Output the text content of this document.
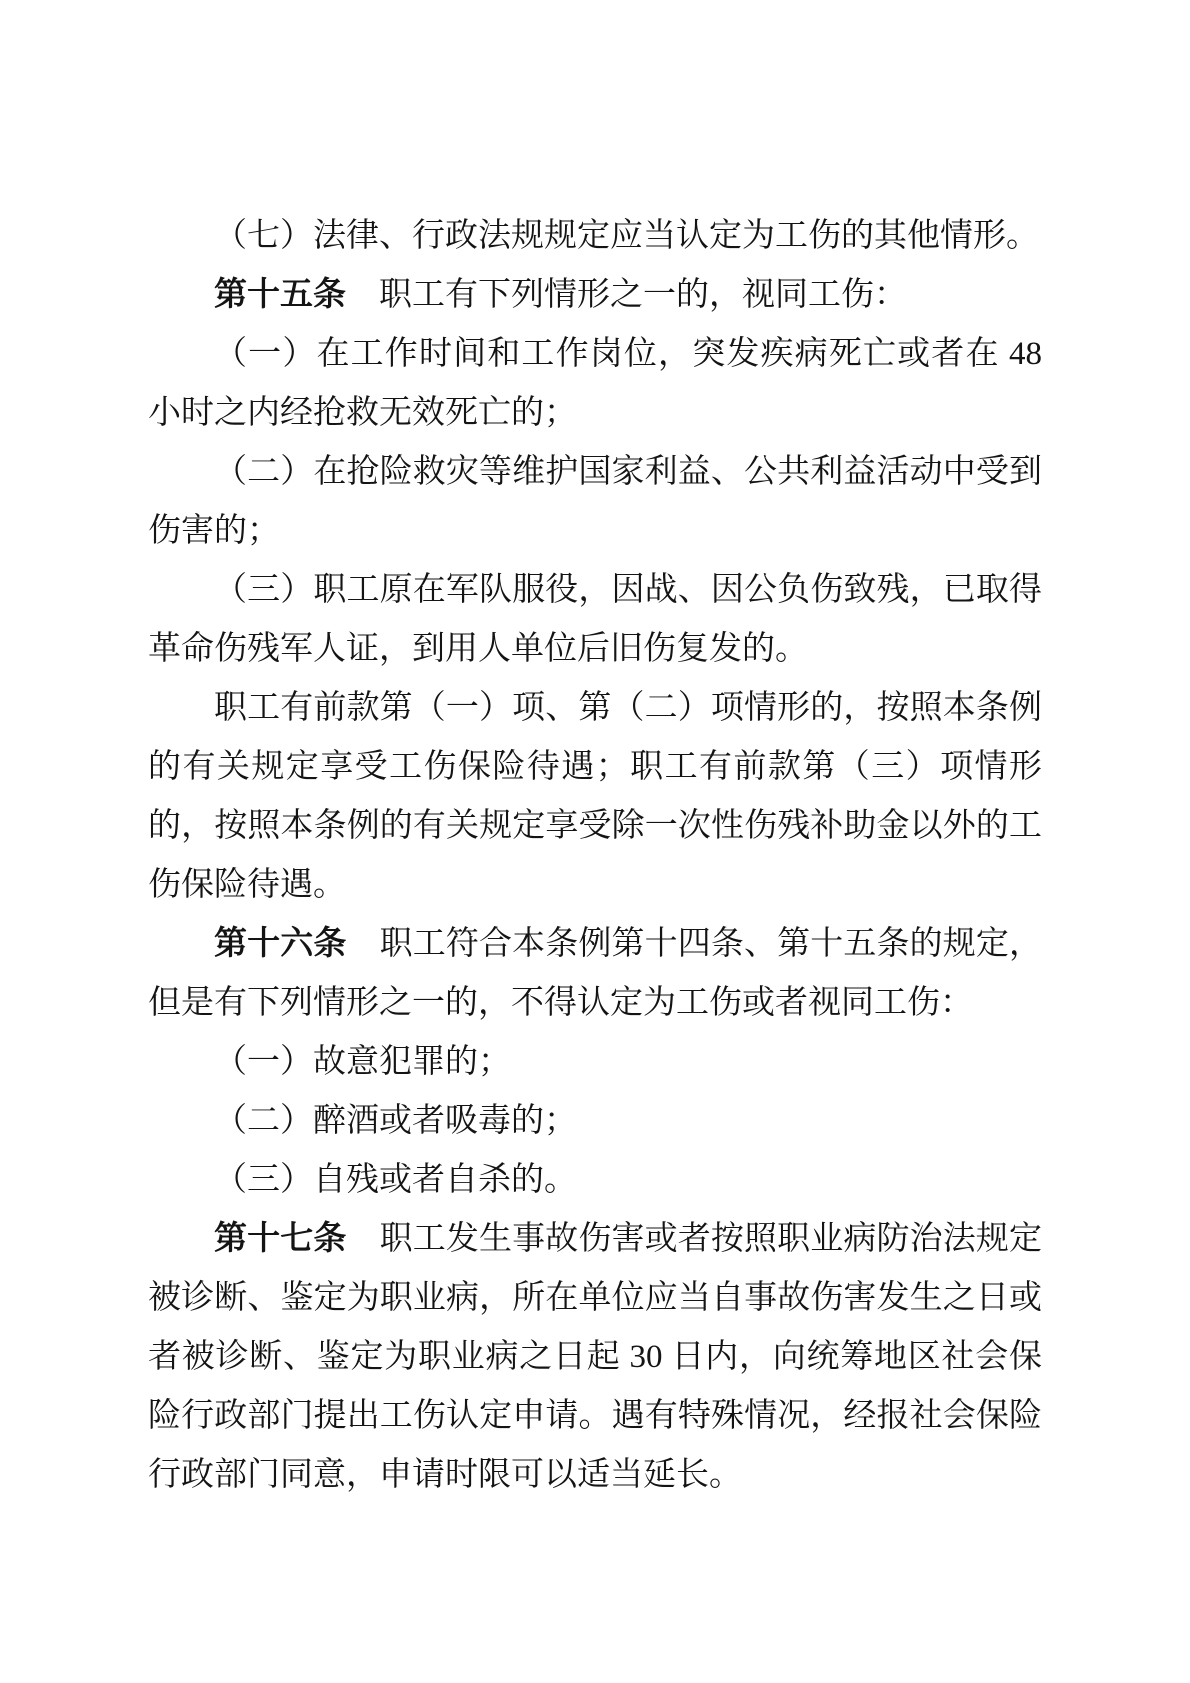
（七）法律、行政法规规定应当认定为工伤的其他情形。

第十五条　职工有下列情形之一的，视同工伤：

（一）在工作时间和工作岗位，突发疾病死亡或者在 48 小时之内经抢救无效死亡的；

（二）在抢险救灾等维护国家利益、公共利益活动中受到伤害的；

（三）职工原在军队服役，因战、因公负伤致残，已取得革命伤残军人证，到用人单位后旧伤复发的。

职工有前款第（一）项、第（二）项情形的，按照本条例的有关规定享受工伤保险待遇；职工有前款第（三）项情形的，按照本条例的有关规定享受除一次性伤残补助金以外的工伤保险待遇。

第十六条　职工符合本条例第十四条、第十五条的规定，但是有下列情形之一的，不得认定为工伤或者视同工伤：

（一）故意犯罪的；

（二）醉酒或者吸毒的；

（三）自残或者自杀的。

第十七条　职工发生事故伤害或者按照职业病防治法规定被诊断、鉴定为职业病，所在单位应当自事故伤害发生之日或者被诊断、鉴定为职业病之日起 30 日内，向统筹地区社会保险行政部门提出工伤认定申请。遇有特殊情况，经报社会保险行政部门同意，申请时限可以适当延长。
